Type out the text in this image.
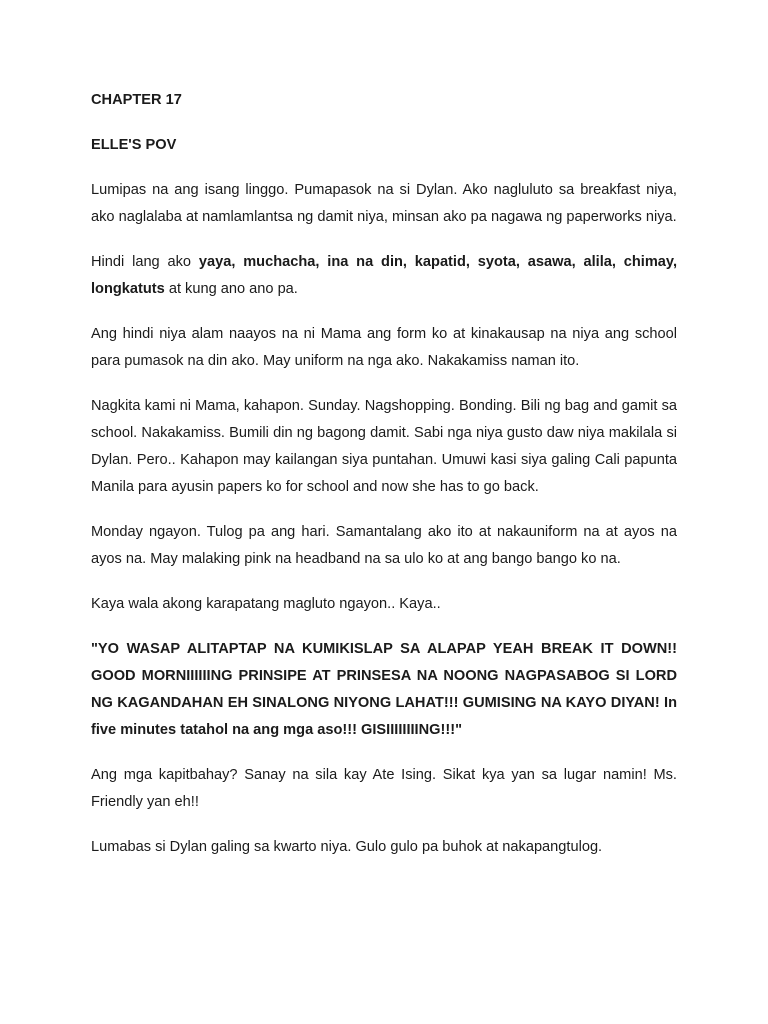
CHAPTER 17
ELLE'S POV

Lumipas na ang isang linggo. Pumapasok na si Dylan. Ako nagluluto sa breakfast niya, ako naglalaba at namlamlantsa ng damit niya, minsan ako pa nagawa ng paperworks niya.

Hindi lang ako yaya, muchacha, ina na din, kapatid, syota, asawa, alila, chimay, longkatuts at kung ano ano pa.

Ang hindi niya alam naayos na ni Mama ang form ko at kinakausap na niya ang school para pumasok na din ako. May uniform na nga ako. Nakakamiss naman ito.

Nagkita kami ni Mama, kahapon. Sunday. Nagshopping. Bonding. Bili ng bag and gamit sa school. Nakakamiss. Bumili din ng bagong damit. Sabi nga niya gusto daw niya makilala si Dylan. Pero.. Kahapon may kailangan siya puntahan. Umuwi kasi siya galing Cali papunta Manila para ayusin papers ko for school and now she has to go back.

Monday ngayon. Tulog pa ang hari. Samantalang ako ito at nakauniform na at ayos na ayos na. May malaking pink na headband na sa ulo ko at ang bango bango ko na.

Kaya wala akong karapatang magluto ngayon.. Kaya..

"YO WASAP ALITAPTAP NA KUMIKISLAP SA ALAPAP YEAH BREAK IT DOWN!! GOOD MORNIIIIIING PRINSIPE AT PRINSESA NA NOONG NAGPASABOG SI LORD NG KAGANDAHAN EH SINALONG NIYONG LAHAT!!! GUMISING NA KAYO DIYAN! In five minutes tatahol na ang mga aso!!! GISIIIIIIIING!!!"

Ang mga kapitbahay? Sanay na sila kay Ate Ising. Sikat kya yan sa lugar namin! Ms. Friendly yan eh!!

Lumabas si Dylan galing sa kwarto niya. Gulo gulo pa buhok at nakapangtulog.
